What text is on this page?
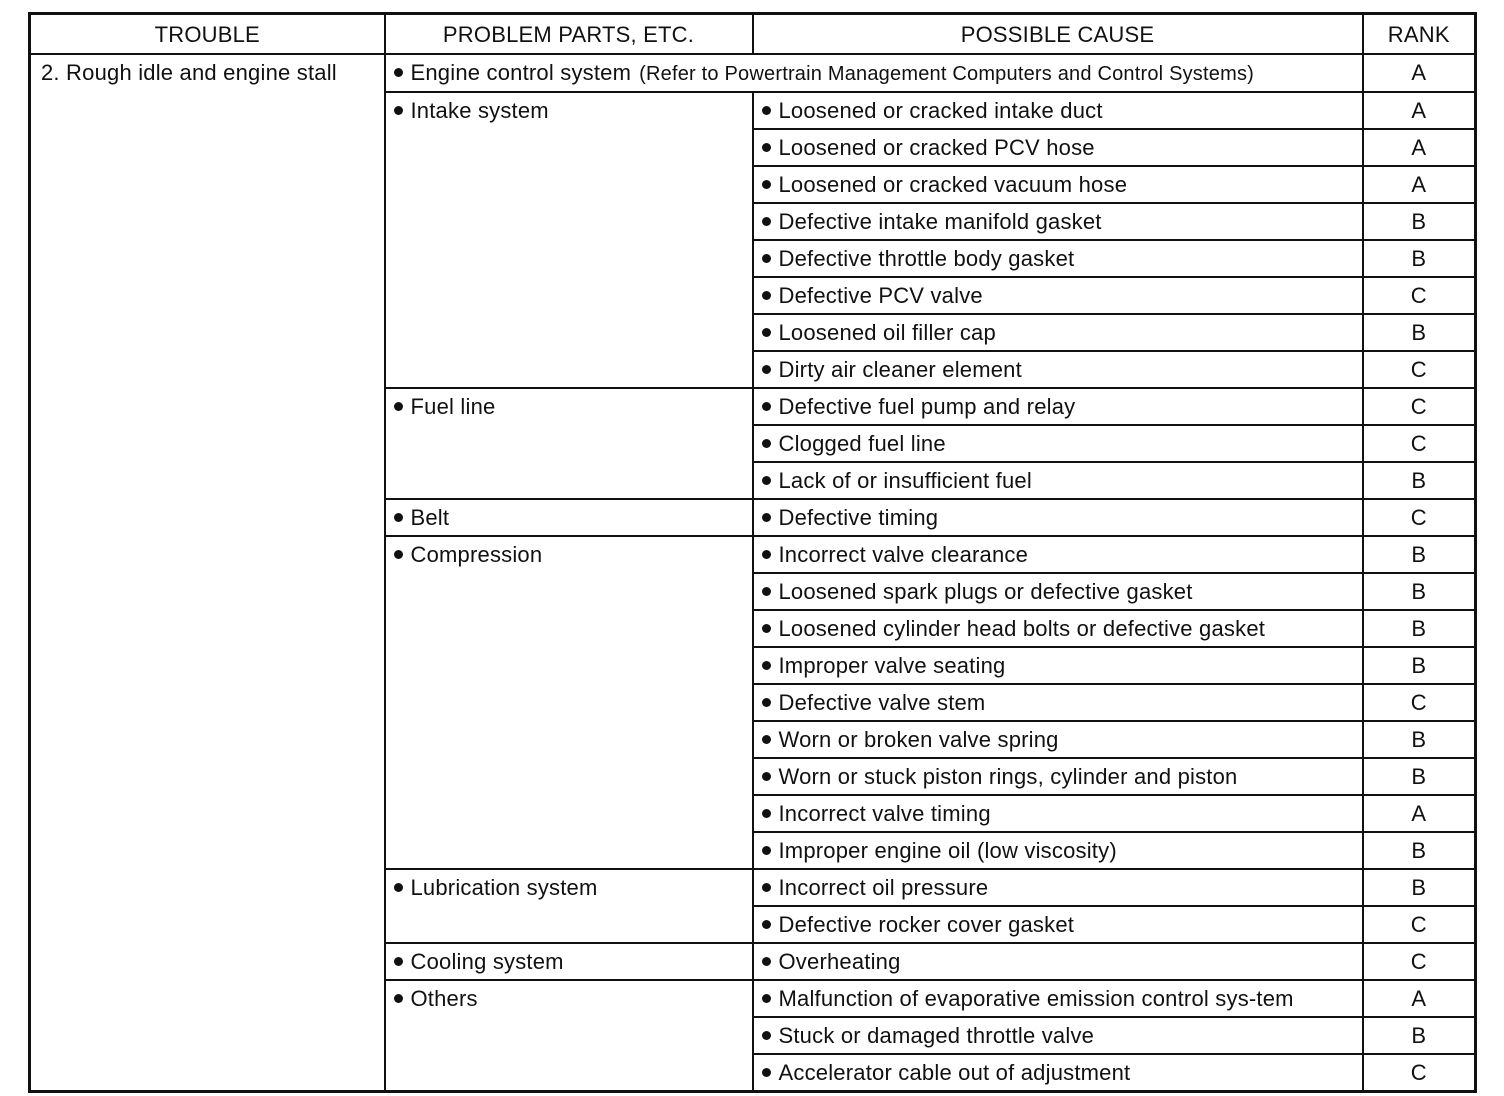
TROUBLE	PROBLEM PARTS, ETC.	POSSIBLE CAUSE	RANK
2. Rough idle and engine stall	Engine control system (Refer to Powertrain Management Computers and Control Systems)		A
	Intake system	Loosened or cracked intake duct	A
		Loosened or cracked PCV hose	A
		Loosened or cracked vacuum hose	A
		Defective intake manifold gasket	B
		Defective throttle body gasket	B
		Defective PCV valve	C
		Loosened oil filler cap	B
		Dirty air cleaner element	C
	Fuel line	Defective fuel pump and relay	C
		Clogged fuel line	C
		Lack of or insufficient fuel	B
	Belt	Defective timing	C
	Compression	Incorrect valve clearance	B
		Loosened spark plugs or defective gasket	B
		Loosened cylinder head bolts or defective gasket	B
		Improper valve seating	B
		Defective valve stem	C
		Worn or broken valve spring	B
		Worn or stuck piston rings, cylinder and piston	B
		Incorrect valve timing	A
		Improper engine oil (low viscosity)	B
	Lubrication system	Incorrect oil pressure	B
		Defective rocker cover gasket	C
	Cooling system	Overheating	C
	Others	Malfunction of evaporative emission control sys-tem	A
		Stuck or damaged throttle valve	B
		Accelerator cable out of adjustment	C
